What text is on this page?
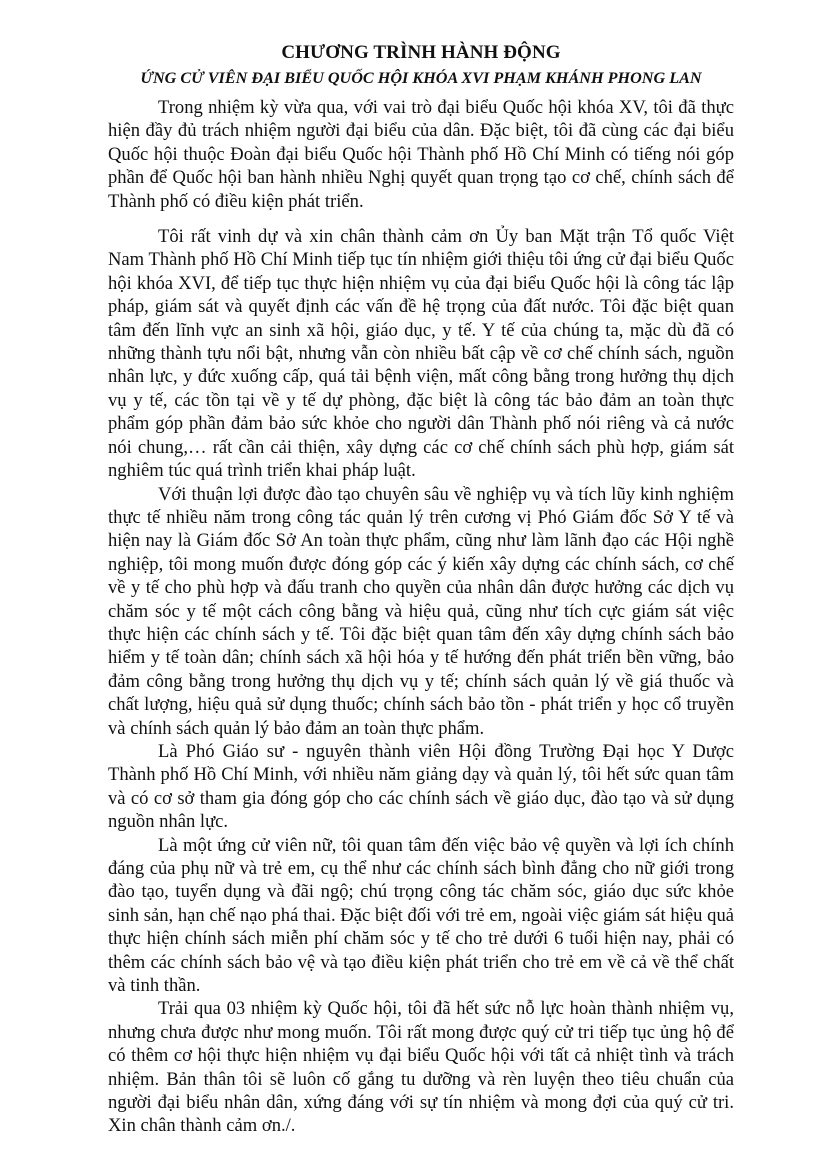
CHƯƠNG TRÌNH HÀNH ĐỘNG
ỨNG CỬ VIÊN ĐẠI BIỂU QUỐC HỘI KHÓA XVI PHẠM KHÁNH PHONG LAN

Trong nhiệm kỳ vừa qua, với vai trò đại biểu Quốc hội khóa XV, tôi đã thực hiện đầy đủ trách nhiệm người đại biểu của dân. Đặc biệt, tôi đã cùng các đại biểu Quốc hội thuộc Đoàn đại biểu Quốc hội Thành phố Hồ Chí Minh có tiếng nói góp phần để Quốc hội ban hành nhiều Nghị quyết quan trọng tạo cơ chế, chính sách để Thành phố có điều kiện phát triển.

Tôi rất vinh dự và xin chân thành cảm ơn Ủy ban Mặt trận Tổ quốc Việt Nam Thành phố Hồ Chí Minh tiếp tục tín nhiệm giới thiệu tôi ứng cử đại biểu Quốc hội khóa XVI, để tiếp tục thực hiện nhiệm vụ của đại biểu Quốc hội là công tác lập pháp, giám sát và quyết định các vấn đề hệ trọng của đất nước. Tôi đặc biệt quan tâm đến lĩnh vực an sinh xã hội, giáo dục, y tế. Y tế của chúng ta, mặc dù đã có những thành tựu nổi bật, nhưng vẫn còn nhiều bất cập về cơ chế chính sách, nguồn nhân lực, y đức xuống cấp, quá tải bệnh viện, mất công bằng trong hưởng thụ dịch vụ y tế, các tồn tại về y tế dự phòng, đặc biệt là công tác bảo đảm an toàn thực phẩm góp phần đảm bảo sức khỏe cho người dân Thành phố nói riêng và cả nước nói chung,… rất cần cải thiện, xây dựng các cơ chế chính sách phù hợp, giám sát nghiêm túc quá trình triển khai pháp luật.

Với thuận lợi được đào tạo chuyên sâu về nghiệp vụ và tích lũy kinh nghiệm thực tế nhiều năm trong công tác quản lý trên cương vị Phó Giám đốc Sở Y tế và hiện nay là Giám đốc Sở An toàn thực phẩm, cũng như làm lãnh đạo các Hội nghề nghiệp, tôi mong muốn được đóng góp các ý kiến xây dựng các chính sách, cơ chế về y tế cho phù hợp và đấu tranh cho quyền của nhân dân được hưởng các dịch vụ chăm sóc y tế một cách công bằng và hiệu quả, cũng như tích cực giám sát việc thực hiện các chính sách y tế. Tôi đặc biệt quan tâm đến xây dựng chính sách bảo hiểm y tế toàn dân; chính sách xã hội hóa y tế hướng đến phát triển bền vững, bảo đảm công bằng trong hưởng thụ dịch vụ y tế; chính sách quản lý về giá thuốc và chất lượng, hiệu quả sử dụng thuốc; chính sách bảo tồn - phát triển y học cổ truyền và chính sách quản lý bảo đảm an toàn thực phẩm.

Là Phó Giáo sư - nguyên thành viên Hội đồng Trường Đại học Y Dược Thành phố Hồ Chí Minh, với nhiều năm giảng dạy và quản lý, tôi hết sức quan tâm và có cơ sở tham gia đóng góp cho các chính sách về giáo dục, đào tạo và sử dụng nguồn nhân lực.

Là một ứng cử viên nữ, tôi quan tâm đến việc bảo vệ quyền và lợi ích chính đáng của phụ nữ và trẻ em, cụ thể như các chính sách bình đẳng cho nữ giới trong đào tạo, tuyển dụng và đãi ngộ; chú trọng công tác chăm sóc, giáo dục sức khỏe sinh sản, hạn chế nạo phá thai. Đặc biệt đối với trẻ em, ngoài việc giám sát hiệu quả thực hiện chính sách miễn phí chăm sóc y tế cho trẻ dưới 6 tuổi hiện nay, phải có thêm các chính sách bảo vệ và tạo điều kiện phát triển cho trẻ em về cả về thể chất và tinh thần.

Trải qua 03 nhiệm kỳ Quốc hội, tôi đã hết sức nỗ lực hoàn thành nhiệm vụ, nhưng chưa được như mong muốn. Tôi rất mong được quý cử tri tiếp tục ủng hộ để có thêm cơ hội thực hiện nhiệm vụ đại biểu Quốc hội với tất cả nhiệt tình và trách nhiệm. Bản thân tôi sẽ luôn cố gắng tu dưỡng và rèn luyện theo tiêu chuẩn của người đại biểu nhân dân, xứng đáng với sự tín nhiệm và mong đợi của quý cử tri. Xin chân thành cảm ơn./.
